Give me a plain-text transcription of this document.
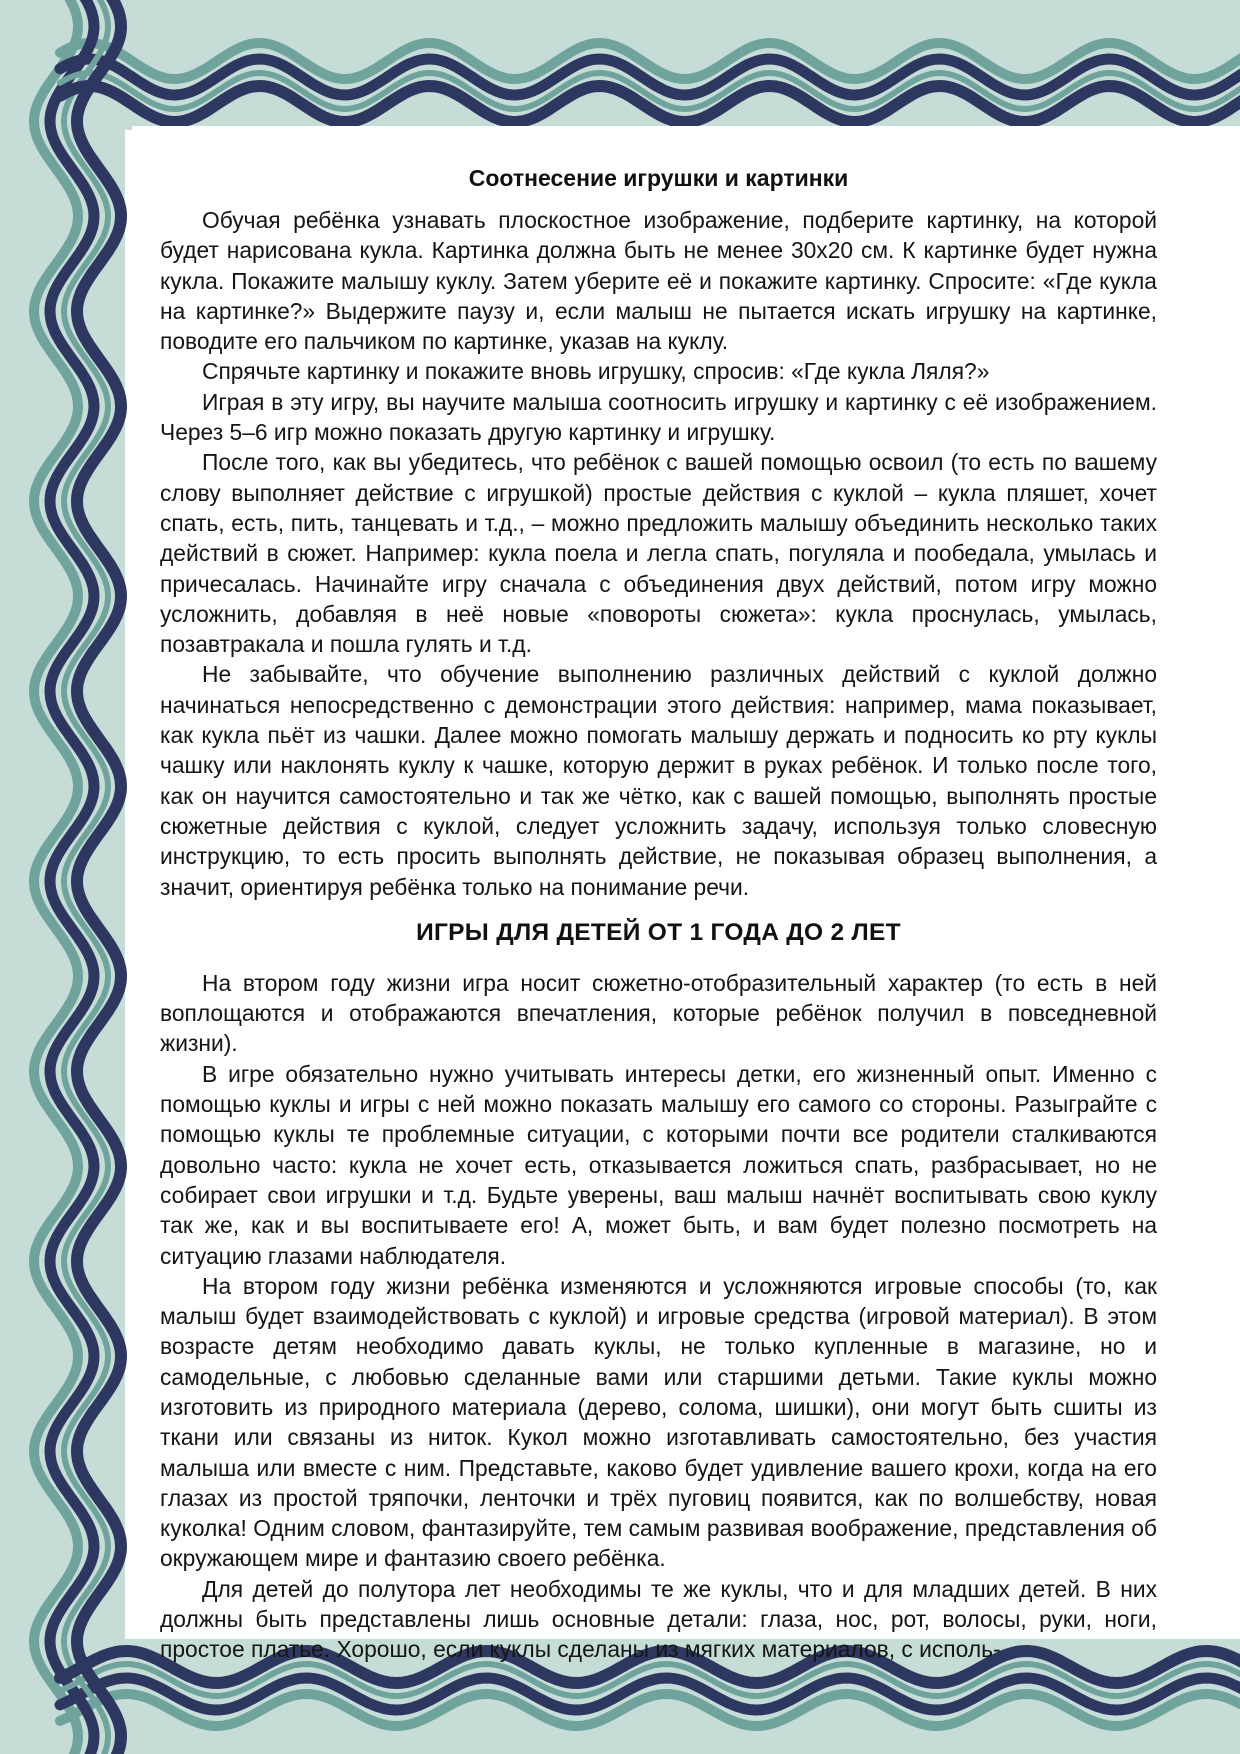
Соотнесение игрушки и картинки

Обучая ребёнка узнавать плоскостное изображение, подберите картинку, на которой будет нарисована кукла. Картинка должна быть не менее 30х20 см. К картинке будет нужна кукла. Покажите малышу куклу. Затем уберите её и покажите картинку. Спросите: «Где кукла на картинке?» Выдержите паузу и, если малыш не пытается искать игрушку на картинке, поводите его пальчиком по картинке, указав на куклу.

Спрячьте картинку и покажите вновь игрушку, спросив: «Где кукла Ляля?»

Играя в эту игру, вы научите малыша соотносить игрушку и картинку с её изображением. Через 5–6 игр можно показать другую картинку и игрушку.

После того, как вы убедитесь, что ребёнок с вашей помощью освоил (то есть по вашему слову выполняет действие с игрушкой) простые действия с куклой – кукла пляшет, хочет спать, есть, пить, танцевать и т.д., – можно предложить малышу объединить несколько таких действий в сюжет. Например: кукла поела и легла спать, погуляла и пообедала, умылась и причесалась. Начинайте игру сначала с объединения двух действий, потом игру можно усложнить, добавляя в неё новые «повороты сюжета»: кукла проснулась, умылась, позавтракала и пошла гулять и т.д.

Не забывайте, что обучение выполнению различных действий с куклой должно начинаться непосредственно с демонстрации этого действия: например, мама показывает, как кукла пьёт из чашки. Далее можно помогать малышу держать и подносить ко рту куклы чашку или наклонять куклу к чашке, которую держит в руках ребёнок. И только после того, как он научится самостоятельно и так же чётко, как с вашей помощью, выполнять простые сюжетные действия с куклой, следует усложнить задачу, используя только словесную инструкцию, то есть просить выполнять действие, не показывая образец выполнения, а значит, ориентируя ребёнка только на понимание речи.

ИГРЫ ДЛЯ ДЕТЕЙ ОТ 1 ГОДА ДО 2 ЛЕТ

На втором году жизни игра носит сюжетно-отобразительный характер (то есть в ней воплощаются и отображаются впечатления, которые ребёнок получил в повседневной жизни).

В игре обязательно нужно учитывать интересы детки, его жизненный опыт. Именно с помощью куклы и игры с ней можно показать малышу его самого со стороны. Разыграйте с помощью куклы те проблемные ситуации, с которыми почти все родители сталкиваются довольно часто: кукла не хочет есть, отказывается ложиться спать, разбрасывает, но не собирает свои игрушки и т.д. Будьте уверены, ваш малыш начнёт воспитывать свою куклу так же, как и вы воспитываете его! А, может быть, и вам будет полезно посмотреть на ситуацию глазами наблюдателя.

На втором году жизни ребёнка изменяются и усложняются игровые способы (то, как малыш будет взаимодействовать с куклой) и игровые средства (игровой материал). В этом возрасте детям необходимо давать куклы, не только купленные в магазине, но и самодельные, с любовью сделанные вами или старшими детьми. Такие куклы можно изготовить из природного материала (дерево, солома, шишки), они могут быть сшиты из ткани или связаны из ниток. Кукол можно изготавливать самостоятельно, без участия малыша или вместе с ним. Представьте, каково будет удивление вашего крохи, когда на его глазах из простой тряпочки, ленточки и трёх пуговиц появится, как по волшебству, новая куколка! Одним словом, фантазируйте, тем самым развивая воображение, представления об окружающем мире и фантазию своего ребёнка.

Для детей до полутора лет необходимы те же куклы, что и для младших детей. В них должны быть представлены лишь основные детали: глаза, нос, рот, волосы, руки, ноги, простое платье. Хорошо, если куклы сделаны из мягких материалов, с исполь-
